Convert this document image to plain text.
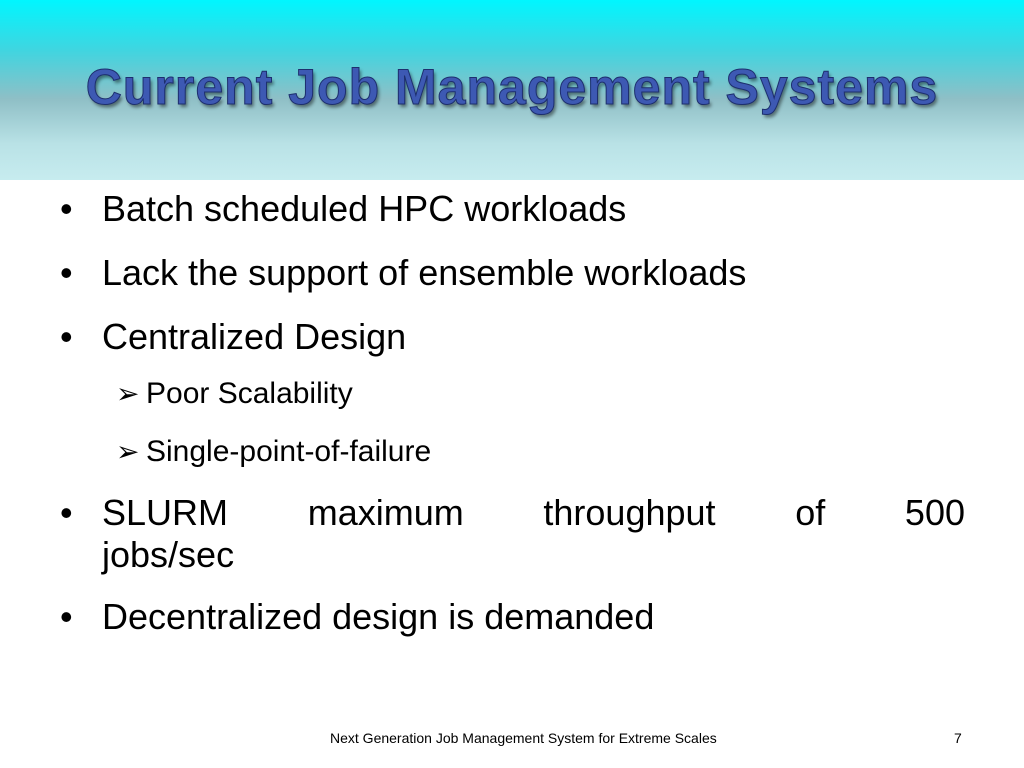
Current Job Management Systems
• Batch scheduled HPC workloads
• Lack the support of ensemble workloads
• Centralized Design
➢ Poor Scalability
➢ Single-point-of-failure
• SLURM maximum throughput of 500
jobs/sec
• Decentralized design is demanded
Next Generation Job Management System for Extreme Scales	7
